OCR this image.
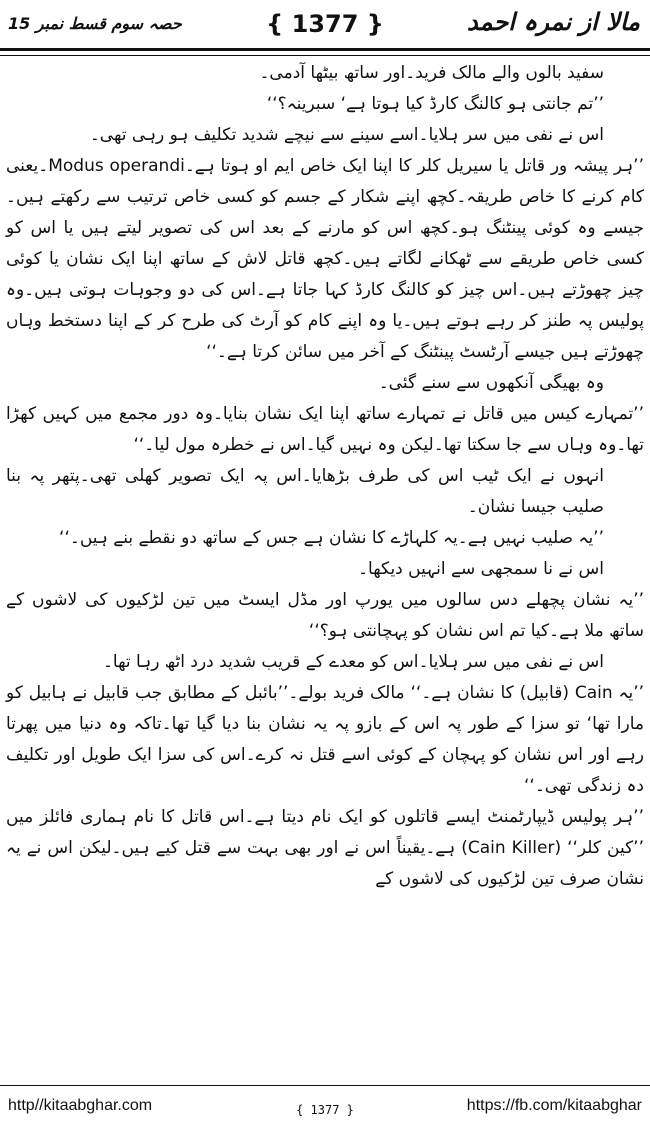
حصہ سوم قسط نمبر 15	{ 1377 }	مالا از نمرہ احمد

سفید بالوں والے مالک فرید۔اور ساتھ بیٹھا آدمی۔

’’تم جانتی ہو کالنگ کارڈ کیا ہوتا ہے‘ سبرینہ؟‘‘

اس نے نفی میں سر ہلایا۔اسے سینے سے نیچے شدید تکلیف ہو رہی تھی۔

’’ہر پیشہ ور قاتل یا سیریل کلر کا اپنا ایک خاص ایم او ہوتا ہے۔Modus operandi۔یعنی کام کرنے کا خاص طریقہ۔کچھ اپنے شکار کے جسم کو کسی خاص ترتیب سے رکھتے ہیں۔جیسے وہ کوئی پینٹنگ ہو۔کچھ اس کو مارنے کے بعد اس کی تصویر لیتے ہیں یا اس کو کسی خاص طریقے سے ٹھکانے لگاتے ہیں۔کچھ قاتل لاش کے ساتھ اپنا ایک نشان یا کوئی چیز چھوڑتے ہیں۔اس چیز کو کالنگ کارڈ کہا جاتا ہے۔اس کی دو وجوہات ہوتی ہیں۔وہ پولیس پہ طنز کر رہے ہوتے ہیں۔یا وہ اپنے کام کو آرٹ کی طرح کر کے اپنا دستخط وہاں چھوڑتے ہیں جیسے آرٹسٹ پینٹنگ کے آخر میں سائن کرتا ہے۔‘‘

وہ بھیگی آنکھوں سے سنے گئی۔

’’تمہارے کیس میں قاتل نے تمہارے ساتھ اپنا ایک نشان بنایا۔وہ دور مجمع میں کہیں کھڑا تھا۔وہ وہاں سے جا سکتا تھا۔لیکن وہ نہیں گیا۔اس نے خطرہ مول لیا۔‘‘

انہوں نے ایک ٹیب اس کی طرف بڑھایا۔اس پہ ایک تصویر کھلی تھی۔پتھر پہ بنا صلیب جیسا نشان۔

’’یہ صلیب نہیں ہے۔یہ کلہاڑے کا نشان ہے جس کے ساتھ دو نقطے بنے ہیں۔‘‘

اس نے نا سمجھی سے انہیں دیکھا۔

’’یہ نشان پچھلے دس سالوں میں یورپ اور مڈل ایسٹ میں تین لڑکیوں کی لاشوں کے ساتھ ملا ہے۔کیا تم اس نشان کو پہچانتی ہو؟‘‘

اس نے نفی میں سر ہلایا۔اس کو معدے کے قریب شدید درد اٹھ رہا تھا۔

’’یہ Cain (قابیل) کا نشان ہے۔‘‘ مالک فرید بولے۔’’بائبل کے مطابق جب قابیل نے ہابیل کو مارا تھا‘ تو سزا کے طور پہ اس کے بازو پہ یہ نشان بنا دیا گیا تھا۔تاکہ وہ دنیا میں پھرتا رہے اور اس نشان کو پہچان کے کوئی اسے قتل نہ کرے۔اس کی سزا ایک طویل اور تکلیف دہ زندگی تھی۔‘‘

’’ہر پولیس ڈیپارٹمنٹ ایسے قاتلوں کو ایک نام دیتا ہے۔اس قاتل کا نام ہماری فائلز میں ’’کین کلر‘‘ (Cain Killer) ہے۔یقیناً اس نے اور بھی بہت سے قتل کیے ہیں۔لیکن اس نے یہ نشان صرف تین لڑکیوں کی لاشوں کے

http//kitaabghar.com	{ 1377 }	https://fb.com/kitaabghar
